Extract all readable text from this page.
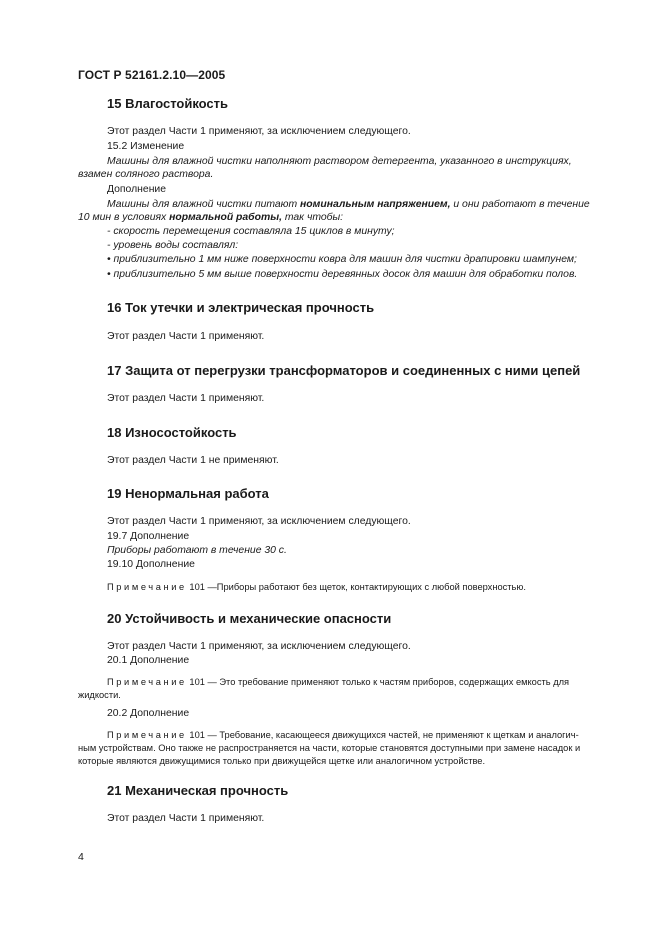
ГОСТ Р 52161.2.10—2005
15 Влагостойкость
Этот раздел Части 1 применяют, за исключением следующего.
15.2 Изменение
Машины для влажной чистки наполняют раствором детергента, указанного в инструкциях,
взамен соляного раствора.
Дополнение
Машины для влажной чистки питают номинальным напряжением, и они работают в течение
10 мин в условиях нормальной работы, так чтобы:
- скорость перемещения составляла 15 циклов в минуту;
- уровень воды составлял:
• приблизительно 1 мм ниже поверхности ковра для машин для чистки драпировки шампунем;
• приблизительно 5 мм выше поверхности деревянных досок для машин для обработки полов.
16 Ток утечки и электрическая прочность
Этот раздел Части 1 применяют.
17 Защита от перегрузки трансформаторов и соединенных с ними цепей
Этот раздел Части 1 применяют.
18 Износостойкость
Этот раздел Части 1 не применяют.
19 Ненормальная работа
Этот раздел Части 1 применяют, за исключением следующего.
19.7 Дополнение
Приборы работают в течение 30 с.
19.10 Дополнение
Примечание 101 —Приборы работают без щеток, контактирующих с любой поверхностью.
20 Устойчивость и механические опасности
Этот раздел Части 1 применяют, за исключением следующего.
20.1 Дополнение
Примечание 101 — Это требование применяют только к частям приборов, содержащих емкость для
жидкости.
20.2 Дополнение
Примечание 101 — Требование, касающееся движущихся частей, не применяют к щеткам и аналогич-
ным устройствам. Оно также не распространяется на части, которые становятся доступными при замене насадок и
которые являются движущимися только при движущейся щетке или аналогичном устройстве.
21 Механическая прочность
Этот раздел Части 1 применяют.
4
